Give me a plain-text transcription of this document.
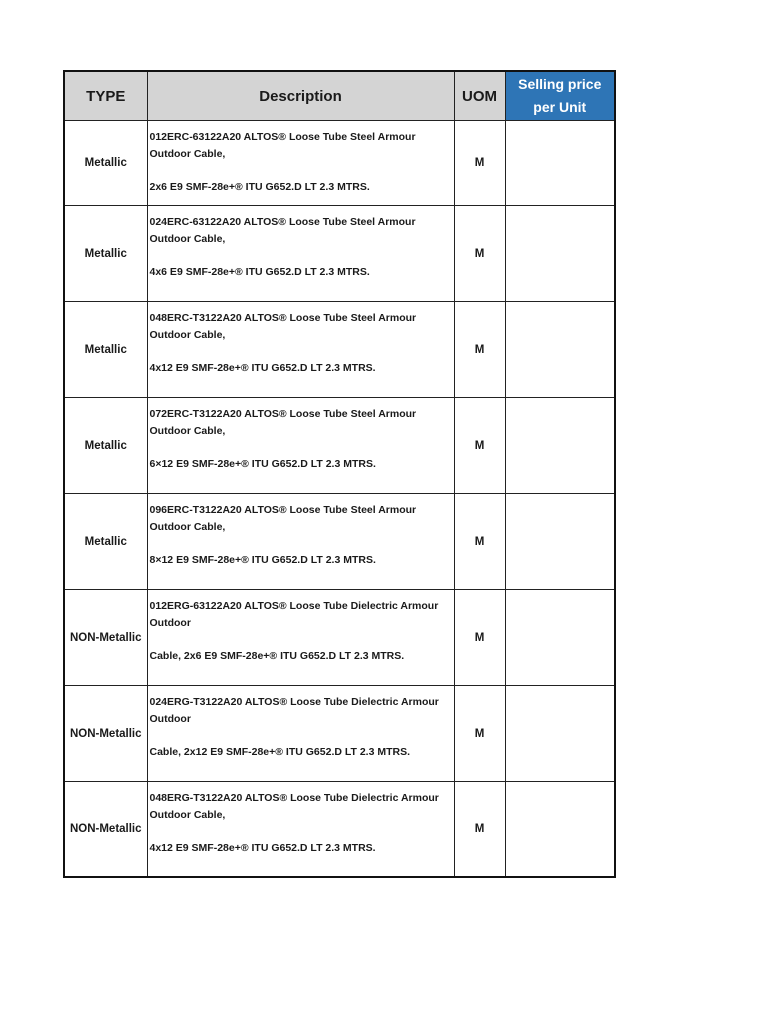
TYPE	Description	UOM	Selling price per Unit
Metallic	012ERC-63122A20 ALTOS® Loose Tube Steel Armour
Outdoor Cable,
2x6 E9 SMF-28e+® ITU G652.D LT 2.3 MTRS.	M	
Metallic	024ERC-63122A20 ALTOS® Loose Tube Steel Armour
Outdoor Cable,
4x6 E9 SMF-28e+® ITU G652.D LT 2.3 MTRS.	M	
Metallic	048ERC-T3122A20 ALTOS® Loose Tube Steel Armour
Outdoor Cable,
4x12 E9 SMF-28e+® ITU G652.D LT 2.3 MTRS.	M	
Metallic	072ERC-T3122A20 ALTOS® Loose Tube Steel Armour
Outdoor Cable,
6×12 E9 SMF-28e+® ITU G652.D LT 2.3 MTRS.	M	
Metallic	096ERC-T3122A20 ALTOS® Loose Tube Steel Armour
Outdoor Cable,
8×12 E9 SMF-28e+® ITU G652.D LT 2.3 MTRS.	M	
NON-Metallic	012ERG-63122A20 ALTOS® Loose Tube Dielectric Armour
Outdoor
Cable, 2x6 E9 SMF-28e+® ITU G652.D LT 2.3 MTRS.	M	
NON-Metallic	024ERG-T3122A20 ALTOS® Loose Tube Dielectric Armour
Outdoor
Cable, 2x12 E9 SMF-28e+® ITU G652.D LT 2.3 MTRS.	M	
NON-Metallic	048ERG-T3122A20 ALTOS® Loose Tube Dielectric Armour
Outdoor Cable,
4x12 E9 SMF-28e+® ITU G652.D LT 2.3 MTRS.	M	
